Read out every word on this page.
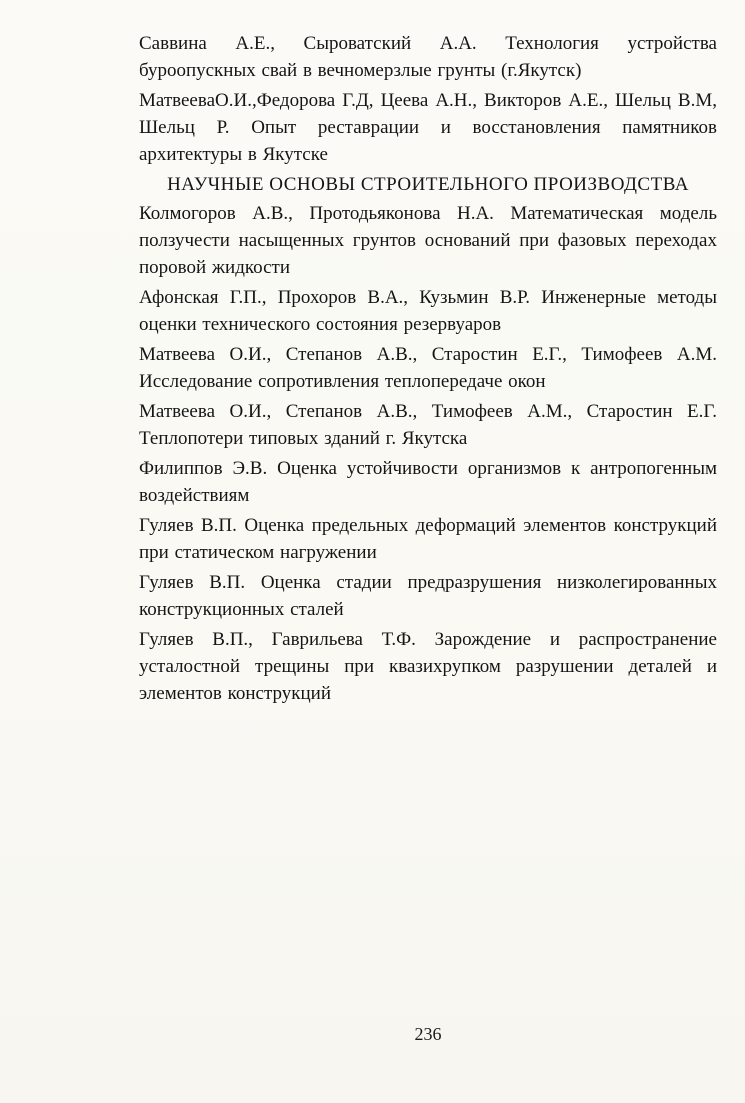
Саввина А.Е., Сыроватский А.А. Технология устройства буроопускных свай в вечномерзлые грунты (г.Якутск)

МатвееваО.И.,Федорова Г.Д, Цеева А.Н., Викторов А.Е., Шельц В.М, Шельц Р. Опыт реставрации и восстановления памятников архитектуры в Якутске

НАУЧНЫЕ ОСНОВЫ СТРОИТЕЛЬНОГО ПРОИЗВОДСТВА

Колмогоров А.В., Протодьяконова Н.А. Математическая модель ползучести насыщенных грунтов оснований при фазовых переходах поровой жидкости

Афонская Г.П., Прохоров В.А., Кузьмин В.Р. Инженерные методы оценки технического состояния резервуаров

Матвеева О.И., Степанов А.В., Старостин Е.Г., Тимофеев А.М. Исследование сопротивления теплопередаче окон

Матвеева О.И., Степанов А.В., Тимофеев А.М., Старостин Е.Г. Теплопотери типовых зданий г. Якутска

Филиппов Э.В. Оценка устойчивости организмов к антропогенным воздействиям

Гуляев В.П. Оценка предельных деформаций элементов конструкций при статическом нагружении

Гуляев В.П. Оценка стадии предразрушения низколегированных конструкционных сталей

Гуляев В.П., Гаврильева Т.Ф. Зарождение и распространение усталостной трещины при квазихрупком разрушении деталей и элементов конструкций

236
